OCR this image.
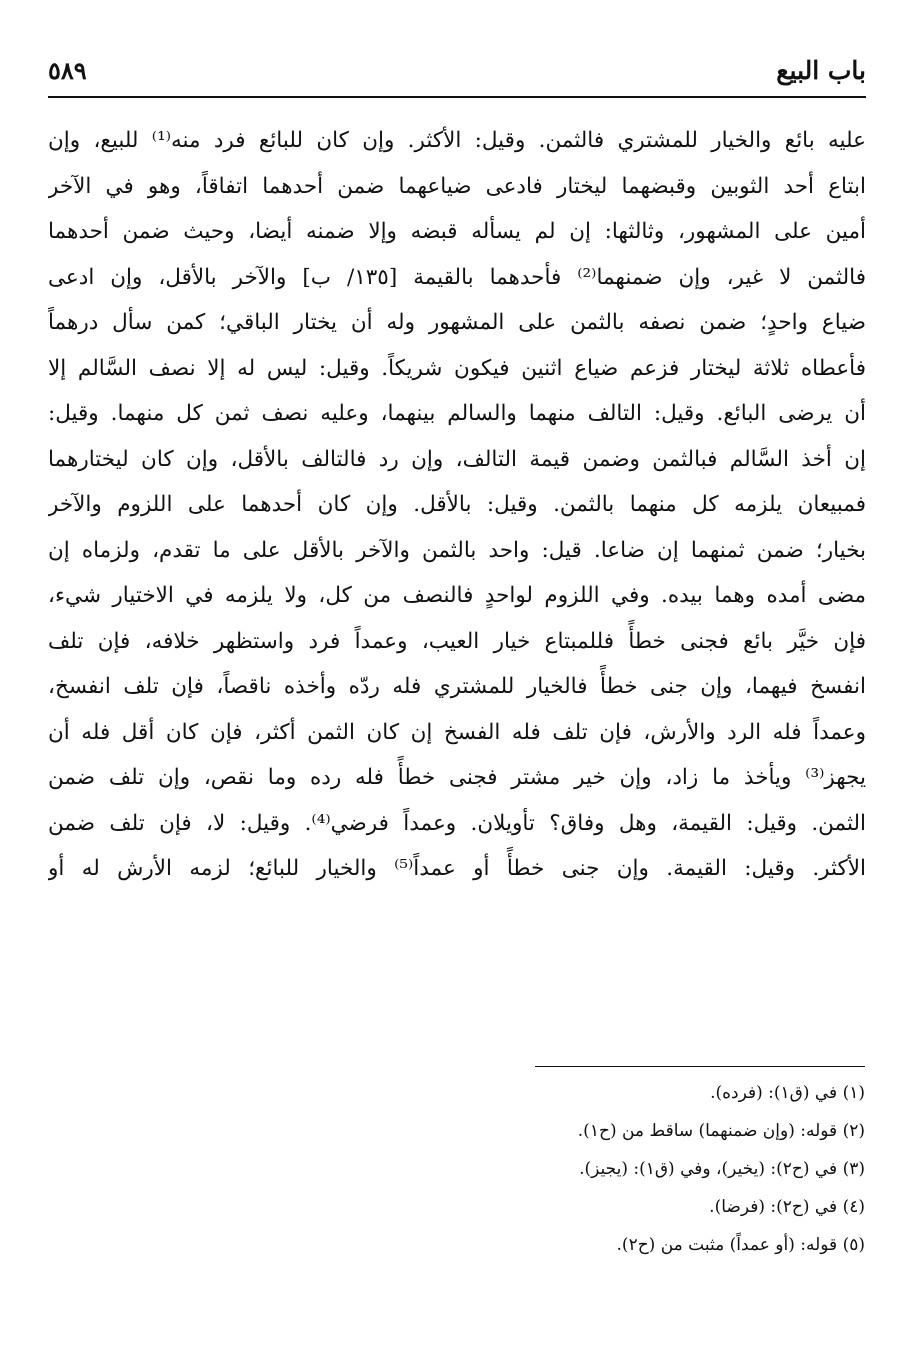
باب البيع
٥٨٩
عليه بائع والخيار للمشتري فالثمن. وقيل: الأكثر. وإن كان للبائع فرد منه⁽¹⁾ للبيع، وإن
ابتاع أحد الثوبين وقبضهما ليختار فادعى ضياعهما ضمن أحدهما اتفاقاً، وهو في الآخر
أمين على المشهور، وثالثها: إن لم يسأله قبضه وإلا ضمنه أيضا، وحيث ضمن أحدهما
فالثمن لا غير، وإن ضمنهما⁽²⁾ فأحدهما بالقيمة [١٣٥/ ب] والآخر بالأقل، وإن ادعى
ضياع واحدٍ؛ ضمن نصفه بالثمن على المشهور وله أن يختار الباقي؛ كمن سأل درهماً
فأعطاه ثلاثة ليختار فزعم ضياع اثنين فيكون شريكاً. وقيل: ليس له إلا نصف السَّالم إلا
أن يرضى البائع. وقيل: التالف منهما والسالم بينهما، وعليه نصف ثمن كل منهما. وقيل:
إن أخذ السَّالم فبالثمن وضمن قيمة التالف، وإن رد فالتالف بالأقل، وإن كان ليختارهما
فمبيعان يلزمه كل منهما بالثمن. وقيل: بالأقل. وإن كان أحدهما على اللزوم والآخر
بخيار؛ ضمن ثمنهما إن ضاعا. قيل: واحد بالثمن والآخر بالأقل على ما تقدم، ولزماه إن
مضى أمده وهما بيده. وفي اللزوم لواحدٍ فالنصف من كل، ولا يلزمه في الاختيار شيء،
فإن خيَّر بائع فجنى خطأً فللمبتاع خيار العيب، وعمداً فرد واستظهر خلافه، فإن تلف
انفسخ فيهما، وإن جنى خطأً فالخيار للمشتري فله ردّه وأخذه ناقصاً، فإن تلف انفسخ،
وعمداً فله الرد والأرش، فإن تلف فله الفسخ إن كان الثمن أكثر، فإن كان أقل فله أن
يجهز⁽³⁾ ويأخذ ما زاد، وإن خير مشتر فجنى خطأً فله رده وما نقص، وإن تلف ضمن
الثمن. وقيل: القيمة، وهل وفاق؟ تأويلان. وعمداً فرضي⁽⁴⁾. وقيل: لا، فإن تلف ضمن
الأكثر. وقيل: القيمة. وإن جنى خطأً أو عمداً⁽⁵⁾ والخيار للبائع؛ لزمه الأرش له أو
(١) في (ق١): (فرده).
(٢) قوله: (وإن ضمنهما) ساقط من (ح١).
(٣) في (ح٢): (يخير)، وفي (ق١): (يجيز).
(٤) في (ح٢): (فرضا).
(٥) قوله: (أو عمداً) مثبت من (ح٢).
